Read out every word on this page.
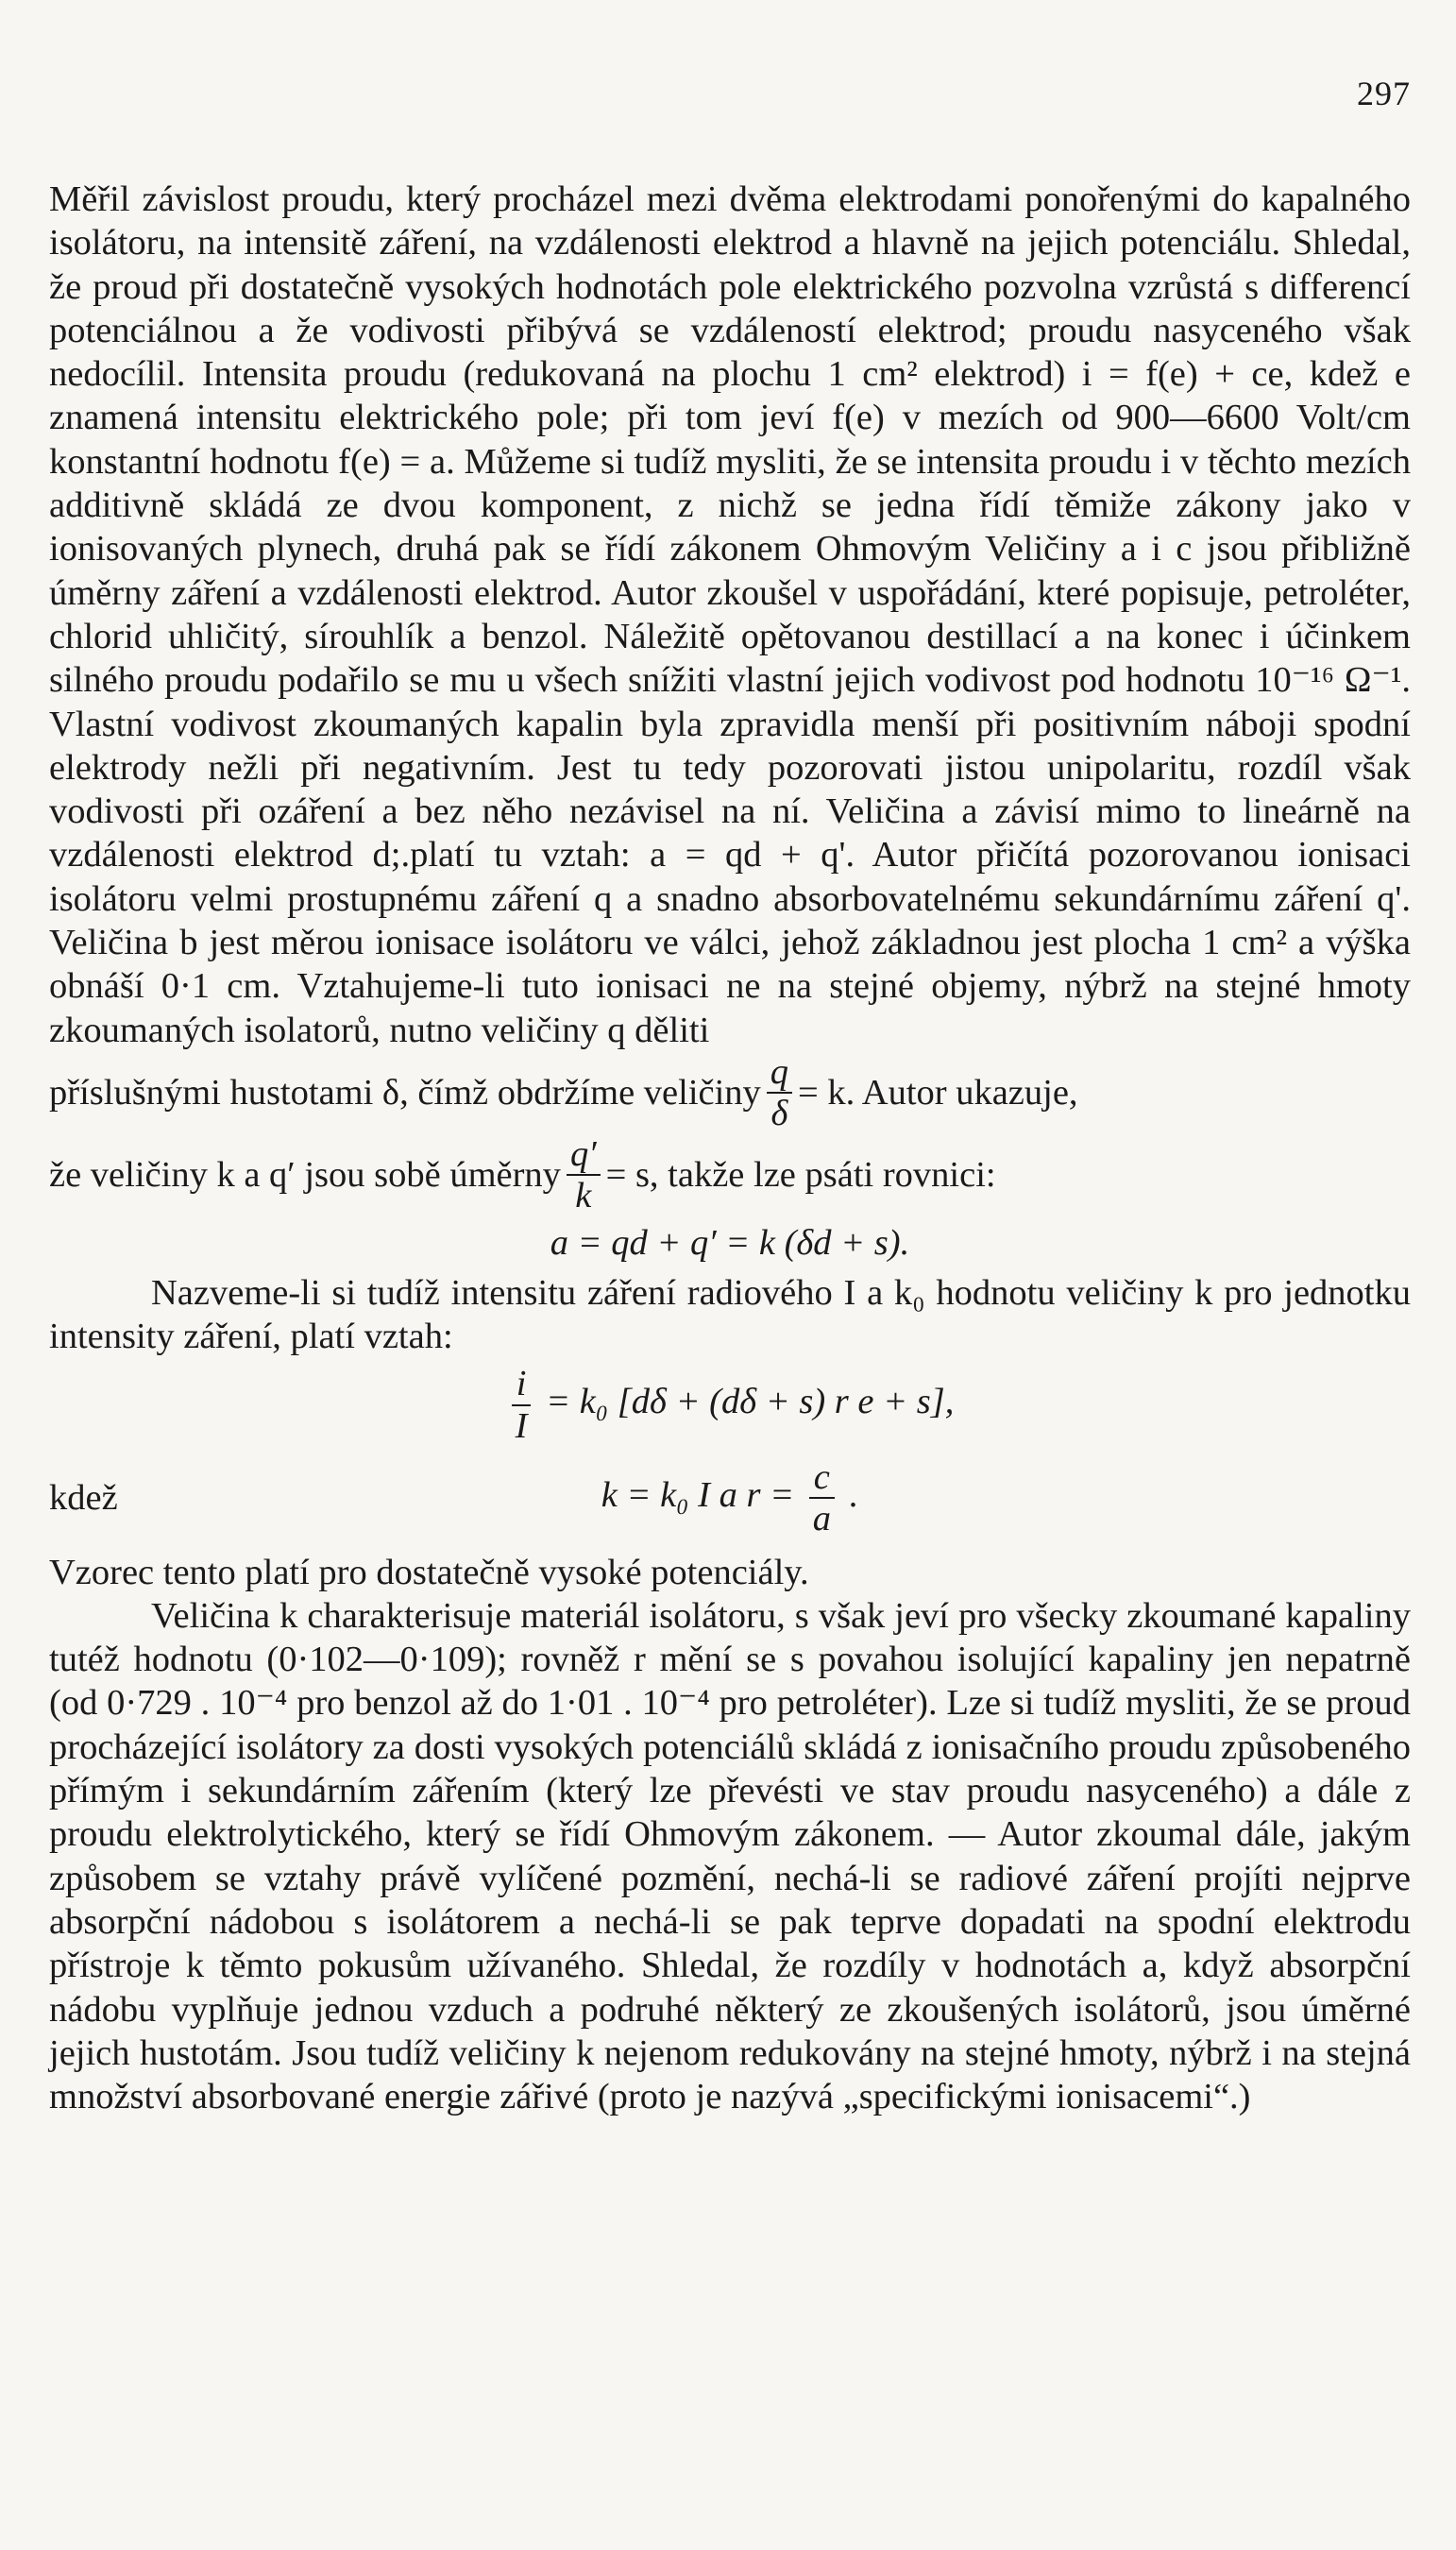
297

Měřil závislost proudu, který procházel mezi dvěma elektrodami ponořenými do kapalného isolátoru, na intensitě záření, na vzdálenosti elektrod a hlavně na jejich potenciálu. Shledal, že proud při dostatečně vysokých hodnotách pole elektrického pozvolna vzrůstá s differencí potenciálnou a že vodivosti přibývá se vzdáleností elektrod; proudu nasyceného však nedocílil. Intensita proudu (redukovaná na plochu 1 cm² elektrod) i = f(e) + ce, kdež e znamená intensitu elektrického pole; při tom jeví f(e) v mezích od 900—6600 Volt/cm konstantní hodnotu f(e) = a. Můžeme si tudíž mysliti, že se intensita proudu i v těchto mezích additivně skládá ze dvou komponent, z nichž se jedna řídí těmiže zákony jako v ionisovaných plynech, druhá pak se řídí zákonem Ohmovým Veličiny a i c jsou přibližně úměrny záření a vzdálenosti elektrod. Autor zkoušel v uspořádání, které popisuje, petroléter, chlorid uhličitý, sírouhlík a benzol. Náležitě opětovanou destillací a na konec i účinkem silného proudu podařilo se mu u všech snížiti vlastní jejich vodivost pod hodnotu 10⁻¹⁶ Ω⁻¹. Vlastní vodivost zkoumaných kapalin byla zpravidla menší při positivním náboji spodní elektrody nežli při negativním. Jest tu tedy pozorovati jistou unipolaritu, rozdíl však vodivosti při ozáření a bez něho nezávisel na ní. Veličina a závisí mimo to lineárně na vzdálenosti elektrod d;.platí tu vztah: a = qd + q'. Autor přičítá pozorovanou ionisaci isolátoru velmi prostupnému záření q a snadno absorbovatelnému sekundárnímu záření q'. Veličina b jest měrou ionisace isolátoru ve válci, jehož základnou jest plocha 1 cm² a výška obnáší 0·1 cm. Vztahujeme-li tuto ionisaci ne na stejné objemy, nýbrž na stejné hmoty zkoumaných isolatorů, nutno veličiny q děliti

příslušnými hustotami δ, čímž obdržíme veličiny $\frac{q}{\delta} = k$. Autor ukazuje,
že veličiny k a q′ jsou sobě úměrny $\frac{q'}{k} = s$, takže lze psáti rovnici:
a = qd + q′ = k (δd + s).

Nazveme-li si tudíž intensitu záření radiového I a k₀ hodnotu veličiny k pro jednotku intensity záření, platí vztah:

$\frac{i}{I} = k_0$ [dδ + (dδ + s) r e + s],
kdež	k = k₀ I a $r = \frac{c}{a}$ .

Vzorec tento platí pro dostatečně vysoké potenciály.

Veličina k charakterisuje materiál isolátoru, s však jeví pro všecky zkoumané kapaliny tutéž hodnotu (0·102—0·109); rovněž r mění se s povahou isolující kapaliny jen nepatrně (od 0·729 . 10⁻⁴ pro benzol až do 1·01 . 10⁻⁴ pro petroléter). Lze si tudíž mysliti, že se proud procházející isolátory za dosti vysokých potenciálů skládá z ionisačního proudu způsobeného přímým i sekundárním zářením (který lze převésti ve stav proudu nasyceného) a dále z proudu elektrolytického, který se řídí Ohmovým zákonem. — Autor zkoumal dále, jakým způsobem se vztahy právě vylíčené pozmění, nechá-li se radiové záření projíti nejprve absorpční nádobou s isolátorem a nechá-li se pak teprve dopadati na spodní elektrodu přístroje k těmto pokusům užívaného. Shledal, že rozdíly v hodnotách a, když absorpční nádobu vyplňuje jednou vzduch a podruhé některý ze zkoušených isolátorů, jsou úměrné jejich hustotám. Jsou tudíž veličiny k nejenom redukovány na stejné hmoty, nýbrž i na stejná množství absorbované energie zářivé (proto je nazývá „specifickými ionisacemi“.)
